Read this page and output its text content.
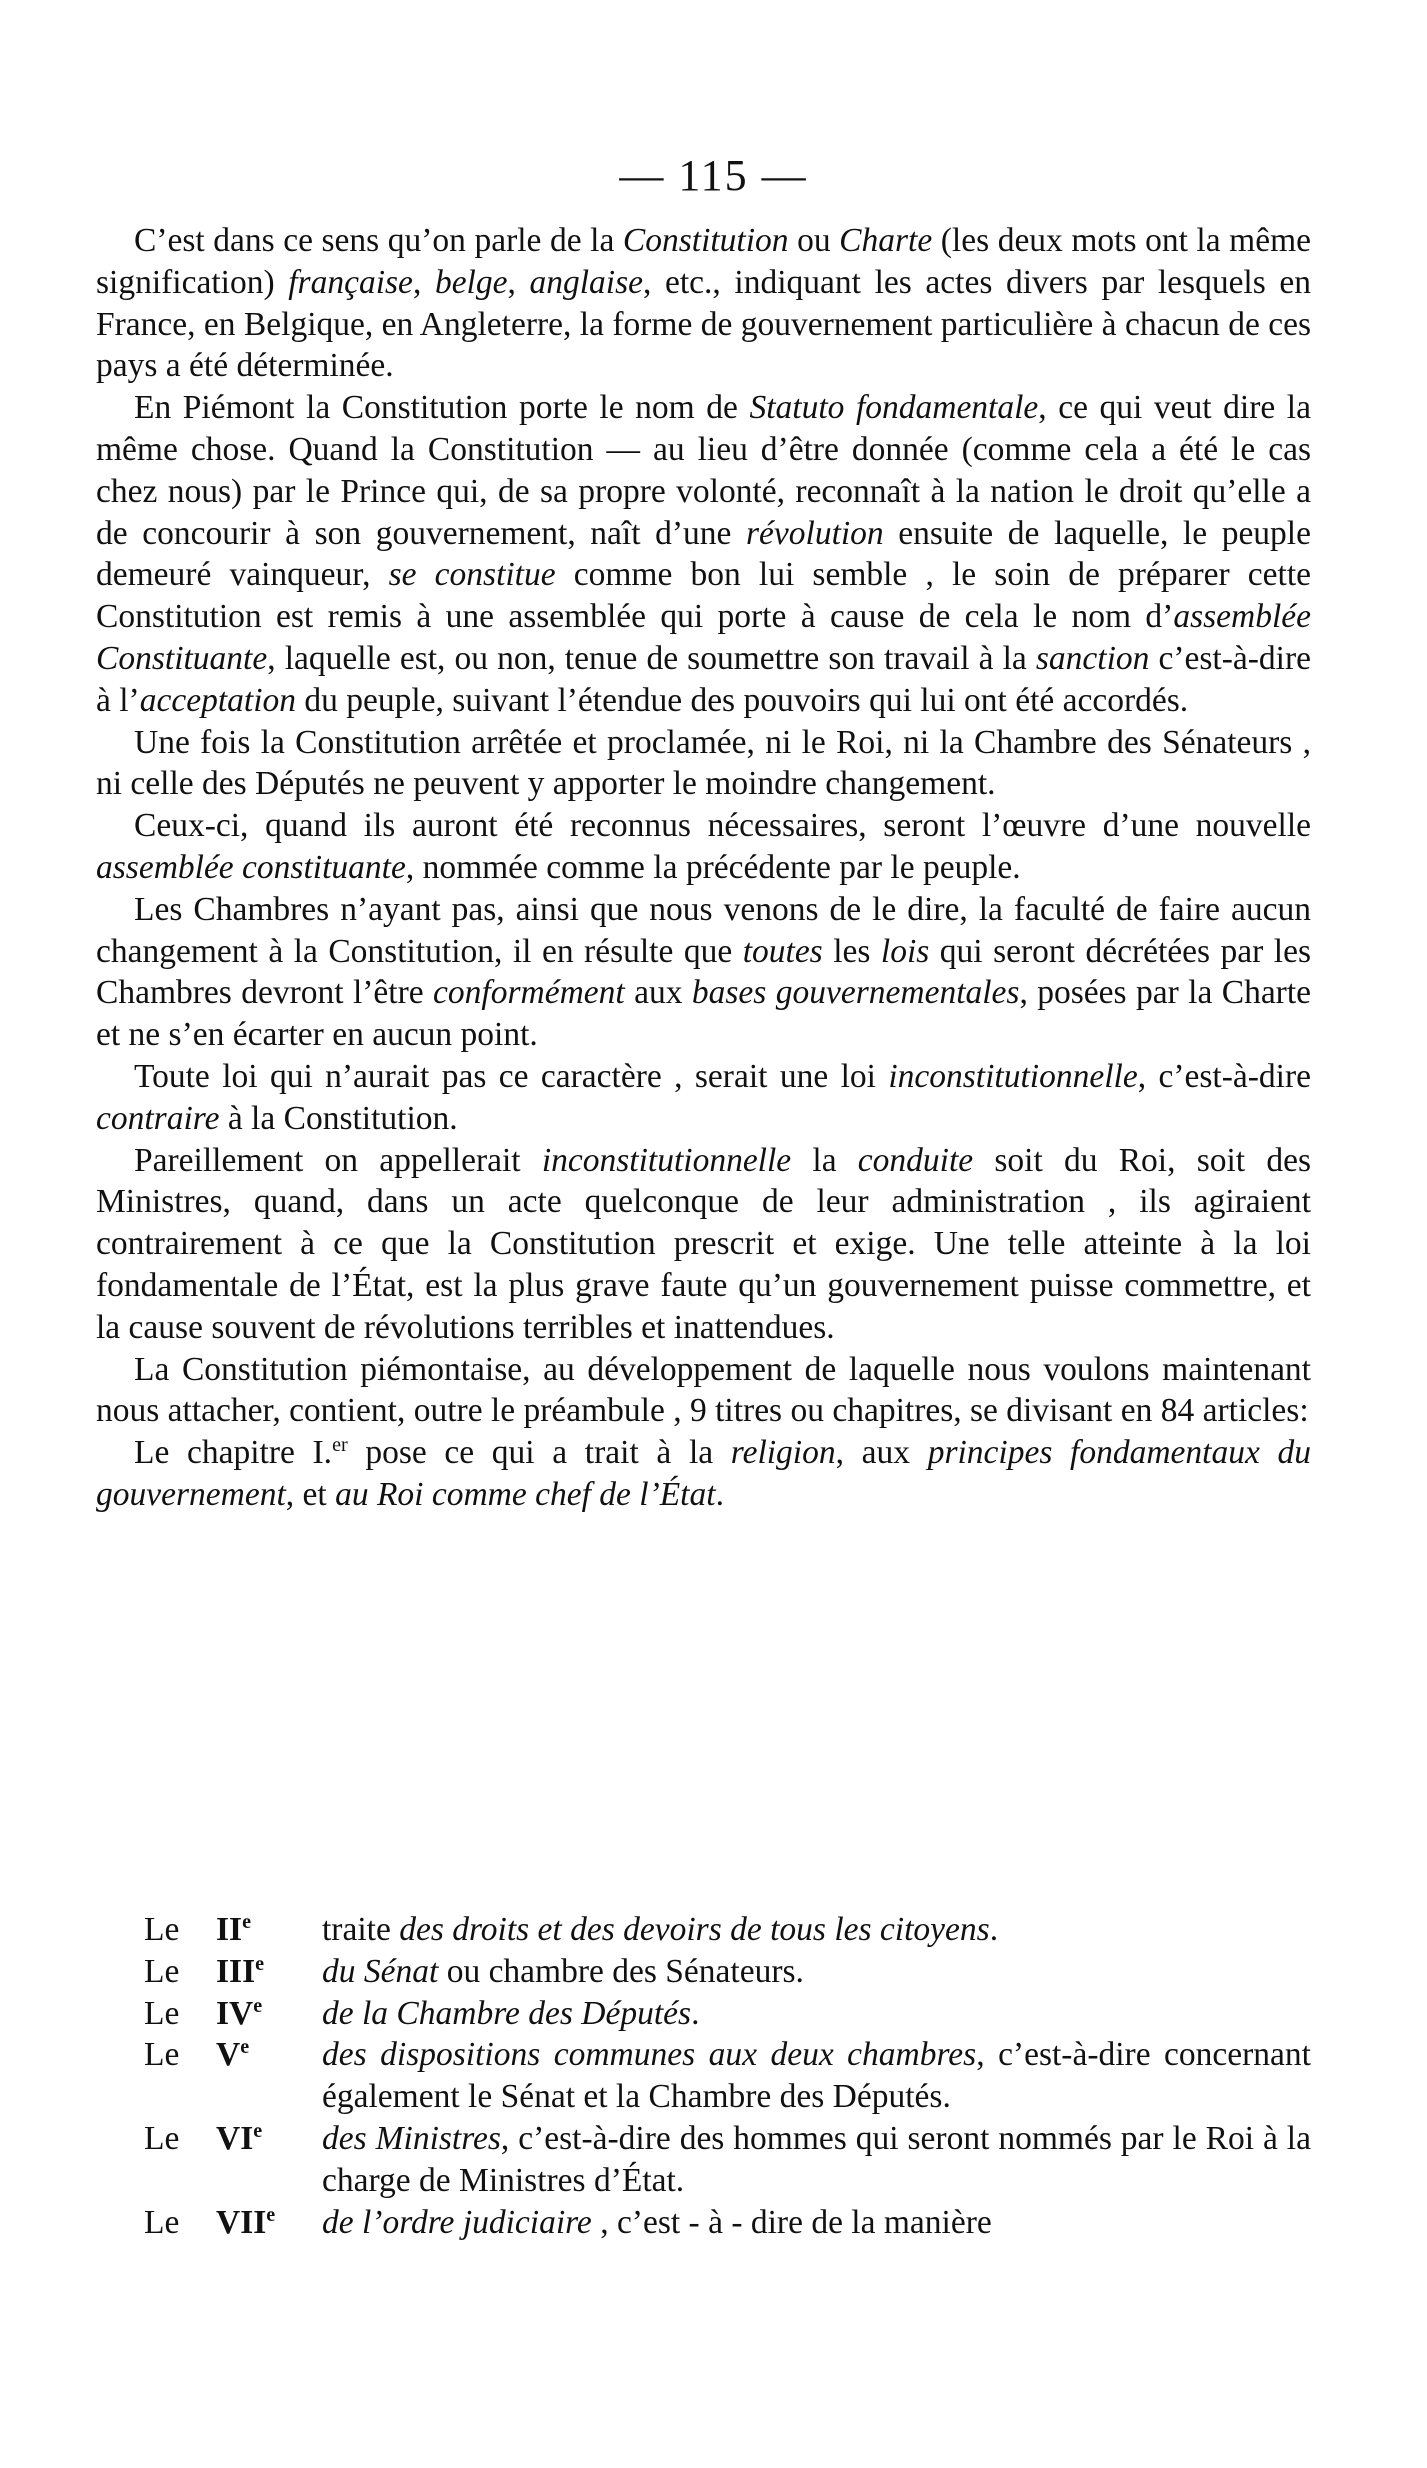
— 115 —

C’est dans ce sens qu’on parle de la Constitution ou Charte (les deux mots ont la même signification) française, belge, anglaise, etc., indiquant les actes divers par lesquels en France, en Belgique, en Angleterre, la forme de gouvernement particulière à chacun de ces pays a été déterminée.

En Piémont la Constitution porte le nom de Statuto fondamentale, ce qui veut dire la même chose. Quand la Constitution — au lieu d’être donnée (comme cela a été le cas chez nous) par le Prince qui, de sa propre volonté, reconnaît à la nation le droit qu’elle a de concourir à son gouvernement, naît d’une révolution ensuite de laquelle, le peuple demeuré vainqueur, se constitue comme bon lui semble , le soin de préparer cette Constitution est remis à une assemblée qui porte à cause de cela le nom d’assemblée Constituante, laquelle est, ou non, tenue de soumettre son travail à la sanction c’est-à-dire à l’acceptation du peuple, suivant l’étendue des pouvoirs qui lui ont été accordés.

Une fois la Constitution arrêtée et proclamée, ni le Roi, ni la Chambre des Sénateurs , ni celle des Députés ne peuvent y apporter le moindre changement.

Ceux-ci, quand ils auront été reconnus nécessaires, seront l’œuvre d’une nouvelle assemblée constituante, nommée comme la précédente par le peuple.

Les Chambres n’ayant pas, ainsi que nous venons de le dire, la faculté de faire aucun changement à la Constitution, il en résulte que toutes les lois qui seront décrétées par les Chambres devront l’être conformément aux bases gouvernementales, posées par la Charte et ne s’en écarter en aucun point.

Toute loi qui n’aurait pas ce caractère , serait une loi inconstitutionnelle, c’est-à-dire contraire à la Constitution.

Pareillement on appellerait inconstitutionnelle la conduite soit du Roi, soit des Ministres, quand, dans un acte quelconque de leur administration , ils agiraient contrairement à ce que la Constitution prescrit et exige. Une telle atteinte à la loi fondamentale de l’État, est la plus grave faute qu’un gouvernement puisse commettre, et la cause souvent de révolutions terribles et inattendues.

La Constitution piémontaise, au développement de laquelle nous voulons maintenant nous attacher, contient, outre le préambule , 9 titres ou chapitres, se divisant en 84 articles:

Le chapitre I.$^{er}$ pose ce qui a trait à la religion, aux principes fondamentaux du gouvernement, et au Roi comme chef de l’État.

Le	IIe	traite des droits et des devoirs de tous les citoyens.
Le	IIIe	du Sénat ou chambre des Sénateurs.
Le	IVe	de la Chambre des Députés.
Le	Ve	des dispositions communes aux deux chambres, c’est-à-dire concernant également le Sénat et la Chambre des Députés.
Le	VIe	des Ministres, c’est-à-dire des hommes qui seront nommés par le Roi à la charge de Ministres d’État.
Le	VIIe	de l’ordre judiciaire , c’est - à - dire de la manière
